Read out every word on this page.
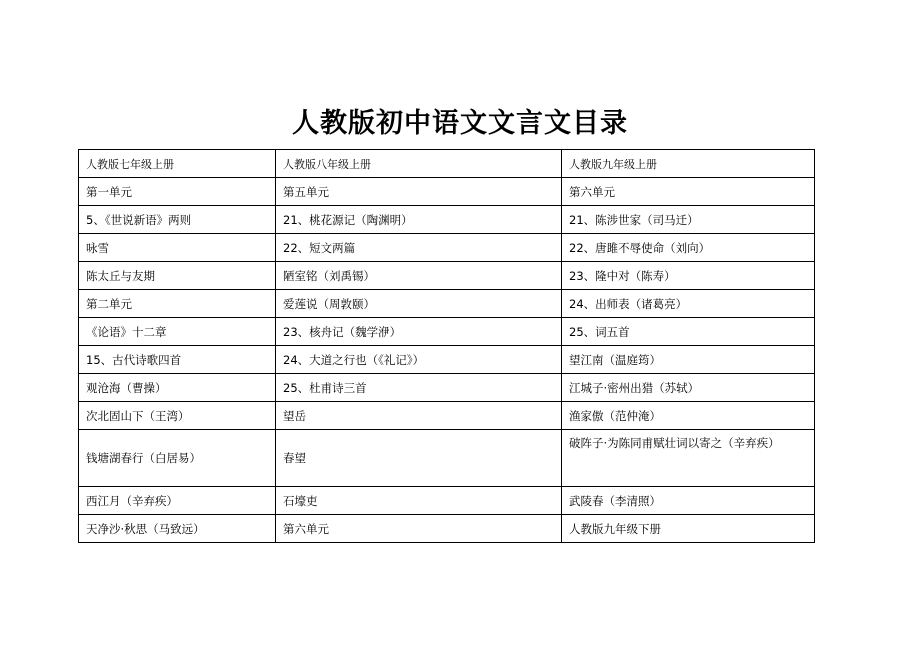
人教版初中语文文言文目录
人教版七年级上册	人教版八年级上册	人教版九年级上册
第一单元	第五单元	第六单元
5、《世说新语》两则	21、桃花源记（陶渊明）	21、陈涉世家（司马迁）
咏雪	22、短文两篇	22、唐雎不辱使命（刘向）
陈太丘与友期	陋室铭（刘禹锡）	23、隆中对（陈寿）
第二单元	爱莲说（周敦颐）	24、出师表（诸葛亮）
《论语》十二章	23、核舟记（魏学洢）	25、词五首
15、古代诗歌四首	24、大道之行也（《礼记》）	望江南（温庭筠）
观沧海（曹操）	25、杜甫诗三首	江城子·密州出猎（苏轼）
次北固山下（王湾）	望岳	渔家傲（范仲淹）
钱塘湖春行（白居易）	春望	破阵子·为陈同甫赋壮词以寄之（辛弃疾）
西江月（辛弃疾）	石壕吏	武陵春（李清照）
天净沙·秋思（马致远）	第六单元	人教版九年级下册
